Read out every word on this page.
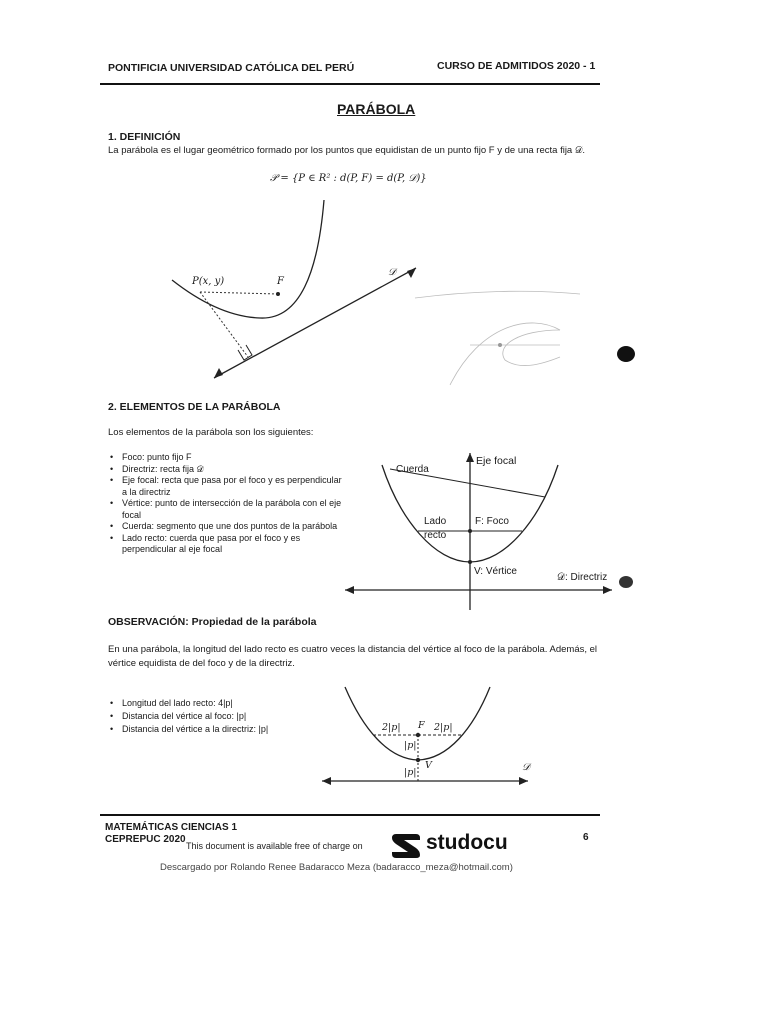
PONTIFICIA UNIVERSIDAD CATÓLICA DEL PERÚ	CURSO DE ADMITIDOS 2020 - 1
PARÁBOLA
1. DEFINICIÓN
La parábola es el lugar geométrico formado por los puntos que equidistan de un punto fijo F y de una recta fija 𝒟.
𝒫 = {P ∈ R² : d(P, F) = d(P, 𝒟)}
P(x, y)	F
𝒟
2. ELEMENTOS DE LA PARÁBOLA
Los elementos de la parábola son los siguientes:
• Foco: punto fijo F
• Directriz: recta fija 𝒟
• Eje focal: recta que pasa por el foco y es perpendicular a la directriz
• Vértice: punto de intersección de la parábola con el eje focal
• Cuerda: segmento que une dos puntos de la parábola
• Lado recto: cuerda que pasa por el foco y es perpendicular al eje focal
Eje focal
Cuerda
Lado
recto
F: Foco
V: Vértice
𝒟: Directriz
OBSERVACIÓN: Propiedad de la parábola
En una parábola, la longitud del lado recto es cuatro veces la distancia del vértice al foco de la parábola. Además, el vértice equidista de del foco y de la directriz.
• Longitud del lado recto: 4|p|
• Distancia del vértice al foco: |p|
• Distancia del vértice a la directriz: |p|	2|p| F 2|p|
|p|
V
|p|	𝒟
MATEMÁTICAS CIENCIAS 1
CEPREPUC 2020	6
This document is available free of charge on	studocu
Descargado por Rolando Renee Badaracco Meza (badaracco_meza@hotmail.com)
